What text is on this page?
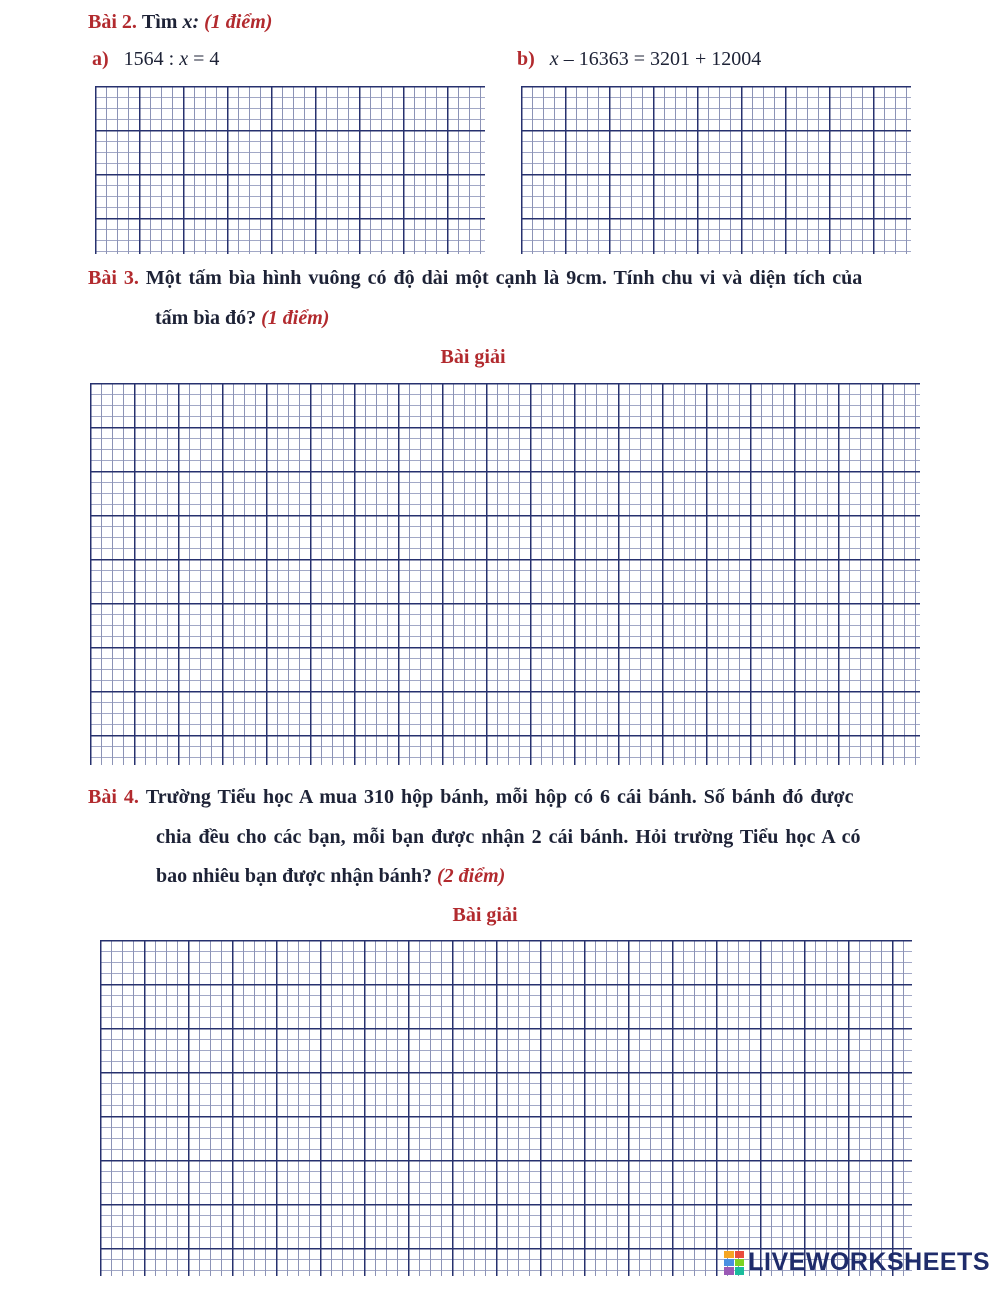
Bài 2. Tìm x: (1 điểm)
a) 1564 : x = 4	b) x – 16363 = 3201 + 12004
Bài 3. Một tấm bìa hình vuông có độ dài một cạnh là 9cm. Tính chu vi và diện tích của
tấm bìa đó? (1 điểm)
Bài giải
Bài 4. Trường Tiểu học A mua 310 hộp bánh, mỗi hộp có 6 cái bánh. Số bánh đó được
chia đều cho các bạn, mỗi bạn được nhận 2 cái bánh. Hỏi trường Tiểu học A có
bao nhiêu bạn được nhận bánh? (2 điểm)
Bài giải
LIVEWORKSHEETS
